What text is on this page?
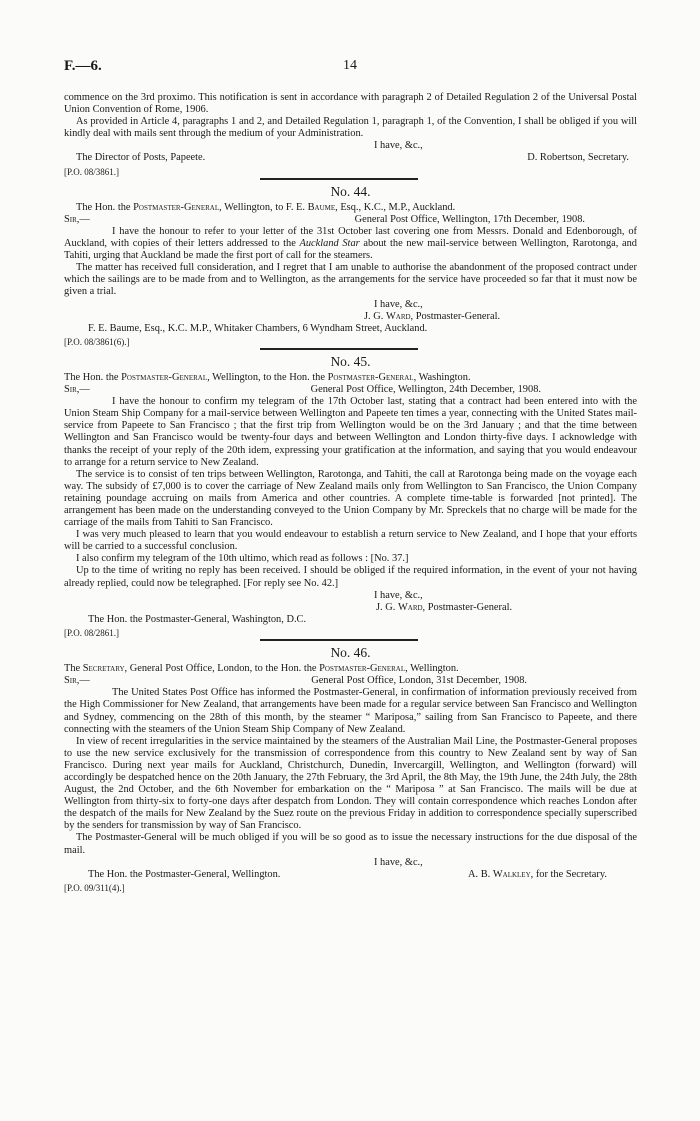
F.—6.	14

commence on the 3rd proximo. This notification is sent in accordance with paragraph 2 of Detailed Regulation 2 of the Universal Postal Union Convention of Rome, 1906.

As provided in Article 4, paragraphs 1 and 2, and Detailed Regulation 1, paragraph 1, of the Convention, I shall be obliged if you will kindly deal with mails sent through the medium of your Administration.

I have, &c.,

The Director of Posts, Papeete.	D. Robertson, Secretary.
[P.O. 08/3861.]
No. 44.

The Hon. the Postmaster-General, Wellington, to F. E. Baume, Esq., K.C., M.P., Auckland.

Sir,—	General Post Office, Wellington, 17th December, 1908.

I have the honour to refer to your letter of the 31st October last covering one from Messrs. Donald and Edenborough, of Auckland, with copies of their letters addressed to the Auckland Star about the new mail-service between Wellington, Rarotonga, and Tahiti, urging that Auckland be made the first port of call for the steamers.

The matter has received full consideration, and I regret that I am unable to authorise the abandonment of the proposed contract under which the sailings are to be made from and to Wellington, as the arrangements for the service have proceeded so far that it must now be given a trial.

I have, &c.,

J. G. Ward, Postmaster-General.

F. E. Baume, Esq., K.C. M.P., Whitaker Chambers, 6 Wyndham Street, Auckland.

[P.O. 08/3861(6).]
No. 45.

The Hon. the Postmaster-General, Wellington, to the Hon. the Postmaster-General, Washington.

Sir,—	General Post Office, Wellington, 24th December, 1908.

I have the honour to confirm my telegram of the 17th October last, stating that a contract had been entered into with the Union Steam Ship Company for a mail-service between Wellington and Papeete ten times a year, connecting with the United States mail-service from Papeete to San Francisco ; that the first trip from Wellington would be on the 3rd January ; and that the time between Wellington and San Francisco would be twenty-four days and between Wellington and London thirty-five days. I acknowledge with thanks the receipt of your reply of the 20th idem, expressing your gratification at the information, and saying that you would endeavour to arrange for a return service to New Zealand.

The service is to consist of ten trips between Wellington, Rarotonga, and Tahiti, the call at Rarotonga being made on the voyage each way. The subsidy of £7,000 is to cover the carriage of New Zealand mails only from Wellington to San Francisco, the Union Company retaining poundage accruing on mails from America and other countries. A complete time-table is forwarded [not printed]. The arrangement has been made on the understanding conveyed to the Union Company by Mr. Spreckels that no charge will be made for the carriage of the mails from Tahiti to San Francisco.

I was very much pleased to learn that you would endeavour to establish a return service to New Zealand, and I hope that your efforts will be carried to a successful conclusion.

I also confirm my telegram of the 10th ultimo, which read as follows : [No. 37.]

Up to the time of writing no reply has been received. I should be obliged if the required information, in the event of your not having already replied, could now be telegraphed. [For reply see No. 42.]

I have, &c.,

J. G. Ward, Postmaster-General.

The Hon. the Postmaster-General, Washington, D.C.

[P.O. 08/2861.]
No. 46.

The Secretary, General Post Office, London, to the Hon. the Postmaster-General, Wellington.

Sir,—	General Post Office, London, 31st December, 1908.

The United States Post Office has informed the Postmaster-General, in confirmation of information previously received from the High Commissioner for New Zealand, that arrangements have been made for a regular service between San Francisco and Wellington and Sydney, commencing on the 28th of this month, by the steamer “ Mariposa,” sailing from San Francisco to Papeete, and there connecting with the steamers of the Union Steam Ship Company of New Zealand.

In view of recent irregularities in the service maintained by the steamers of the Australian Mail Line, the Postmaster-General proposes to use the new service exclusively for the transmission of correspondence from this country to New Zealand sent by way of San Francisco. During next year mails for Auckland, Christchurch, Dunedin, Invercargill, Wellington, and Wellington (forward) will accordingly be despatched hence on the 20th January, the 27th February, the 3rd April, the 8th May, the 19th June, the 24th July, the 28th August, the 2nd October, and the 6th November for embarkation on the “ Mariposa ” at San Francisco. The mails will be due at Wellington from thirty-six to forty-one days after despatch from London. They will contain correspondence which reaches London after the despatch of the mails for New Zealand by the Suez route on the previous Friday in addition to correspondence specially superscribed by the senders for transmission by way of San Francisco.

The Postmaster-General will be much obliged if you will be so good as to issue the necessary instructions for the due disposal of the mail.

I have, &c.,

The Hon. the Postmaster-General, Wellington.	A. B. Walkley, for the Secretary.
[P.O. 09/311(4).]
